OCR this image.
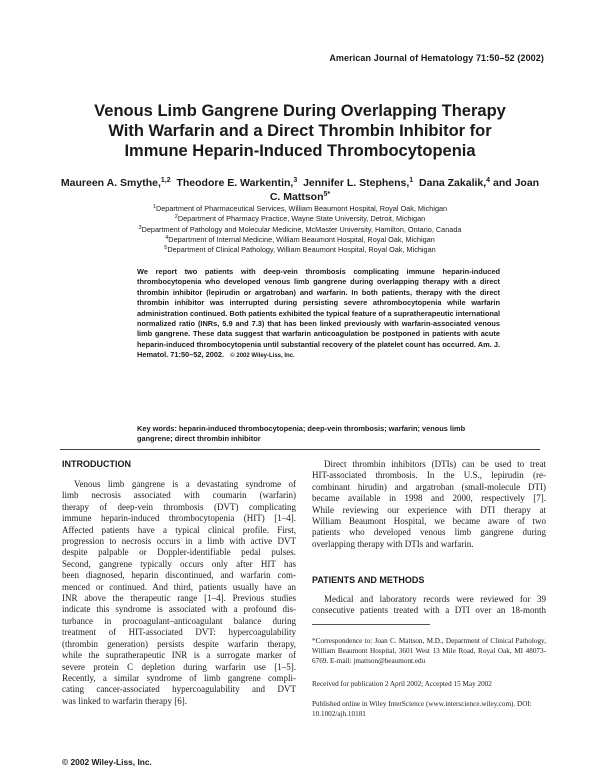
American Journal of Hematology 71:50–52 (2002)
Venous Limb Gangrene During Overlapping Therapy
With Warfarin and a Direct Thrombin Inhibitor for
Immune Heparin-Induced Thrombocytopenia
Maureen A. Smythe,$^{1,2}$ Theodore E. Warkentin,$^3$ Jennifer L. Stephens,$^1$ Dana Zakalik,$^4$ and Joan C. Mattson$^{5*}$
$^1$Department of Pharmaceutical Services, William Beaumont Hospital, Royal Oak, Michigan
$^2$Department of Pharmacy Practice, Wayne State University, Detroit, Michigan
$^3$Department of Pathology and Molecular Medicine, McMaster University, Hamilton, Ontario, Canada
$^4$Department of Internal Medicine, William Beaumont Hospital, Royal Oak, Michigan
$^5$Department of Clinical Pathology, William Beaumont Hospital, Royal Oak, Michigan
We report two patients with deep-vein thrombosis complicating immune heparin-induced thrombocytopenia who developed venous limb gangrene during overlapping therapy with a direct thrombin inhibitor (lepirudin or argatroban) and warfarin. In both patients, therapy with the direct thrombin inhibitor was interrupted during persisting severe athrombocytopenia while warfarin administration continued. Both patients exhibited the typical feature of a supratherapeutic international normalized ratio (INRs, 5.9 and 7.3) that has been linked previously with warfarin-associated venous limb gangrene. These data suggest that warfarin anticoagulation be postponed in patients with acute heparin-induced thrombocytopenia until substantial recovery of the platelet count has occurred. Am. J. Hematol. 71:50–52, 2002. © 2002 Wiley-Liss, Inc.
Key words: heparin-induced thrombocytopenia; deep-vein thrombosis; warfarin; venous limb gangrene; direct thrombin inhibitor
INTRODUCTION
Venous limb gangrene is a devastating syndrome of
limb necrosis associated with coumarin (warfarin)
therapy of deep-vein thrombosis (DVT) complicating
immune heparin-induced thrombocytopenia (HIT) [1–4].
Affected patients have a typical clinical profile. First,
progression to necrosis occurs in a limb with active DVT
despite palpable or Doppler-identifiable pedal pulses.
Second, gangrene typically occurs only after HIT has
been diagnosed, heparin discontinued, and warfarin com-
menced or continued. And third, patients usually have an
INR above the therapeutic range [1–4]. Previous studies
indicate this syndrome is associated with a profound dis-
turbance in procoagulant–anticoagulant balance during
treatment of HIT-associated DVT: hypercoagulability
(thrombin generation) persists despite warfarin therapy,
while the supratherapeutic INR is a surrogate marker of
severe protein C depletion during warfarin use [1–5].
Recently, a similar syndrome of limb gangrene compli-
cating cancer-associated hypercoagulability and DVT
was linked to warfarin therapy [6].
Direct thrombin inhibitors (DTIs) can be used to treat
HIT-associated thrombosis. In the U.S., lepirudin (re-
combinant hirudin) and argatroban (small-molecule DTI)
became available in 1998 and 2000, respectively [7].
While reviewing our experience with DTI therapy at
William Beaumont Hospital, we became aware of two
patients who developed venous limb gangrene during
overlapping therapy with DTIs and warfarin.
PATIENTS AND METHODS
Medical and laboratory records were reviewed for 39
consecutive patients treated with a DTI over an 18-month
*Correspondence to: Joan C. Mattson, M.D., Department of Clinical Pathology, William Beaumont Hospital, 3601 West 13 Mile Road, Royal Oak, MI 48073-6769. E-mail: jmattson@beaumont.edu
Received for publication 2 April 2002; Accepted 15 May 2002
Published online in Wiley InterScience (www.interscience.wiley.com). DOI: 10.1002/ajh.10181
© 2002 Wiley-Liss, Inc.
